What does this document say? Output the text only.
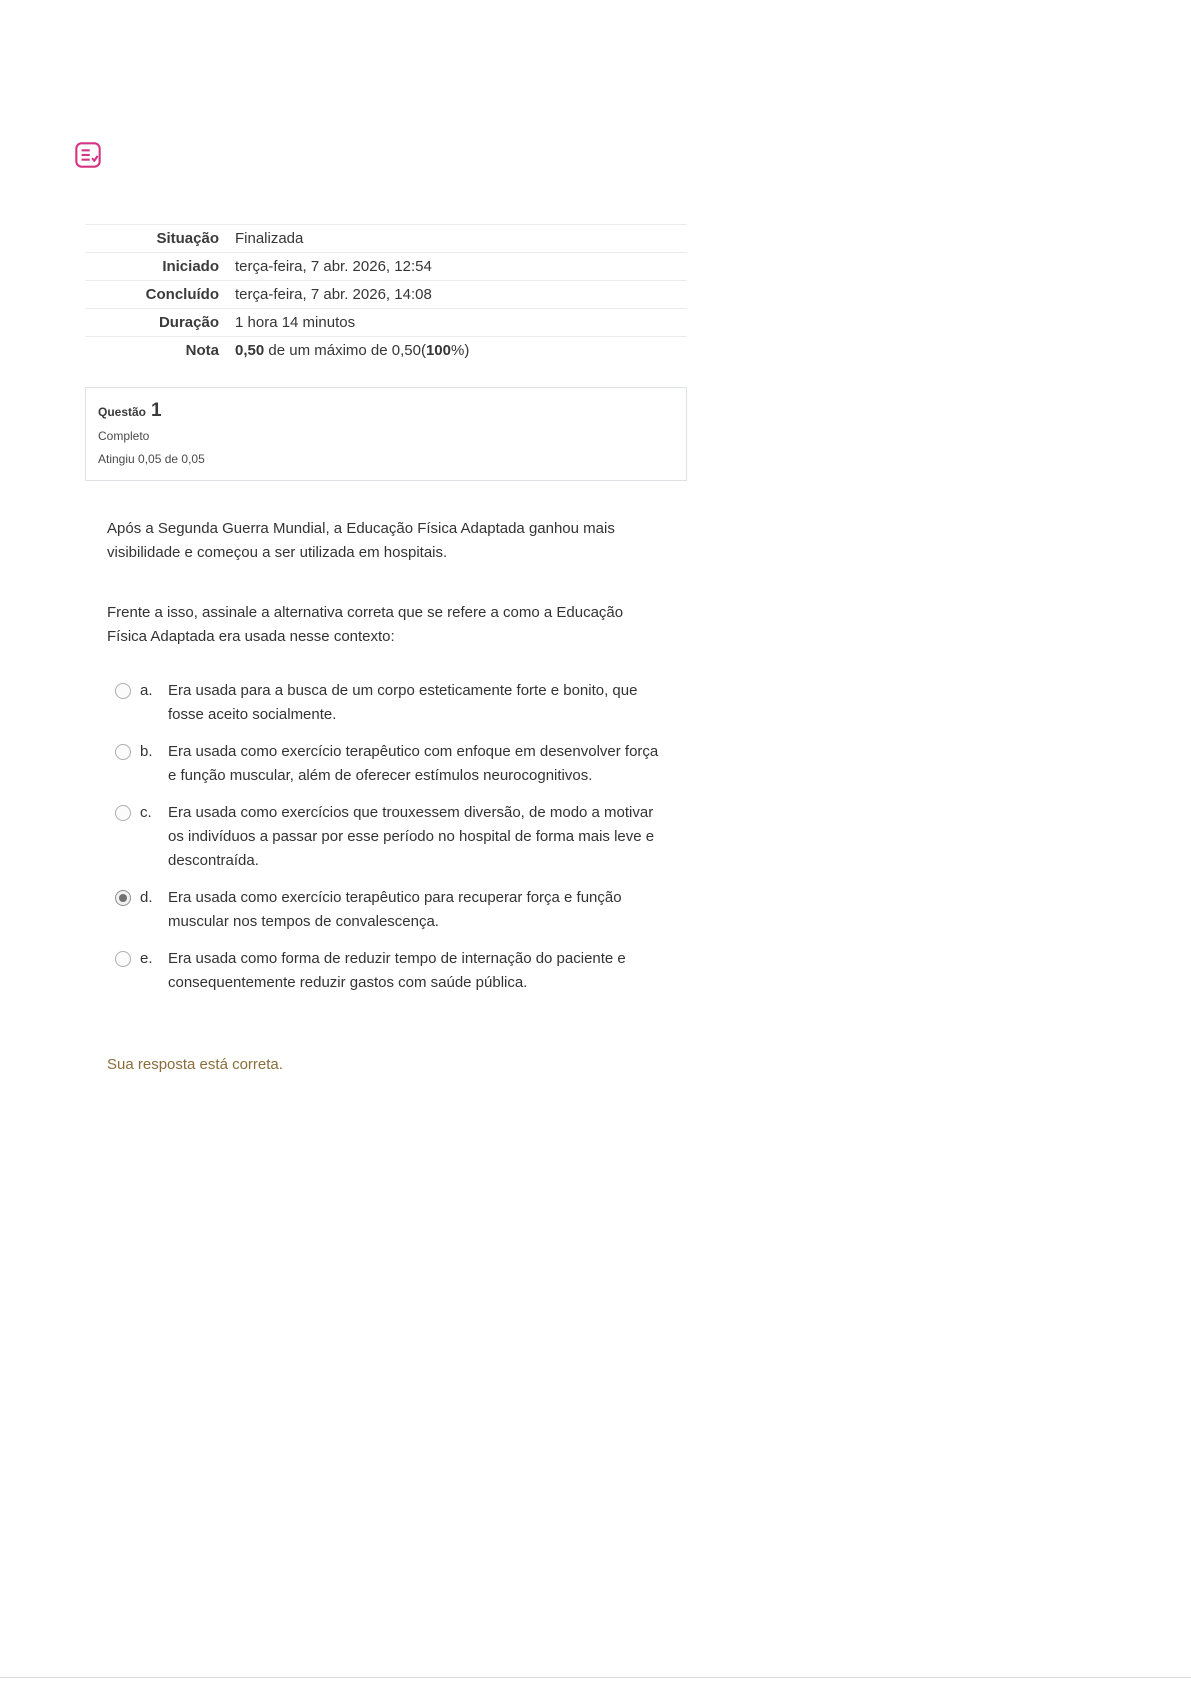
Situação	Finalizada
Iniciado	terça-feira, 7 abr. 2026, 12:54
Concluído	terça-feira, 7 abr. 2026, 14:08
Duração	1 hora 14 minutos
Nota	0,50 de um máximo de 0,50(100%)
Questão 1
Completo
Atingiu 0,05 de 0,05

Após a Segunda Guerra Mundial, a Educação Física Adaptada ganhou mais visibilidade e começou a ser utilizada em hospitais.

Frente a isso, assinale a alternativa correta que se refere a como a Educação Física Adaptada era usada nesse contexto:

a.	Era usada para a busca de um corpo esteticamente forte e bonito, que fosse aceito socialmente.
b.	Era usada como exercício terapêutico com enfoque em desenvolver força e função muscular, além de oferecer estímulos neurocognitivos.
c.	Era usada como exercícios que trouxessem diversão, de modo a motivar os indivíduos a passar por esse período no hospital de forma mais leve e descontraída.
d.	Era usada como exercício terapêutico para recuperar força e função muscular nos tempos de convalescença.
e.	Era usada como forma de reduzir tempo de internação do paciente e consequentemente reduzir gastos com saúde pública.
Sua resposta está correta.
